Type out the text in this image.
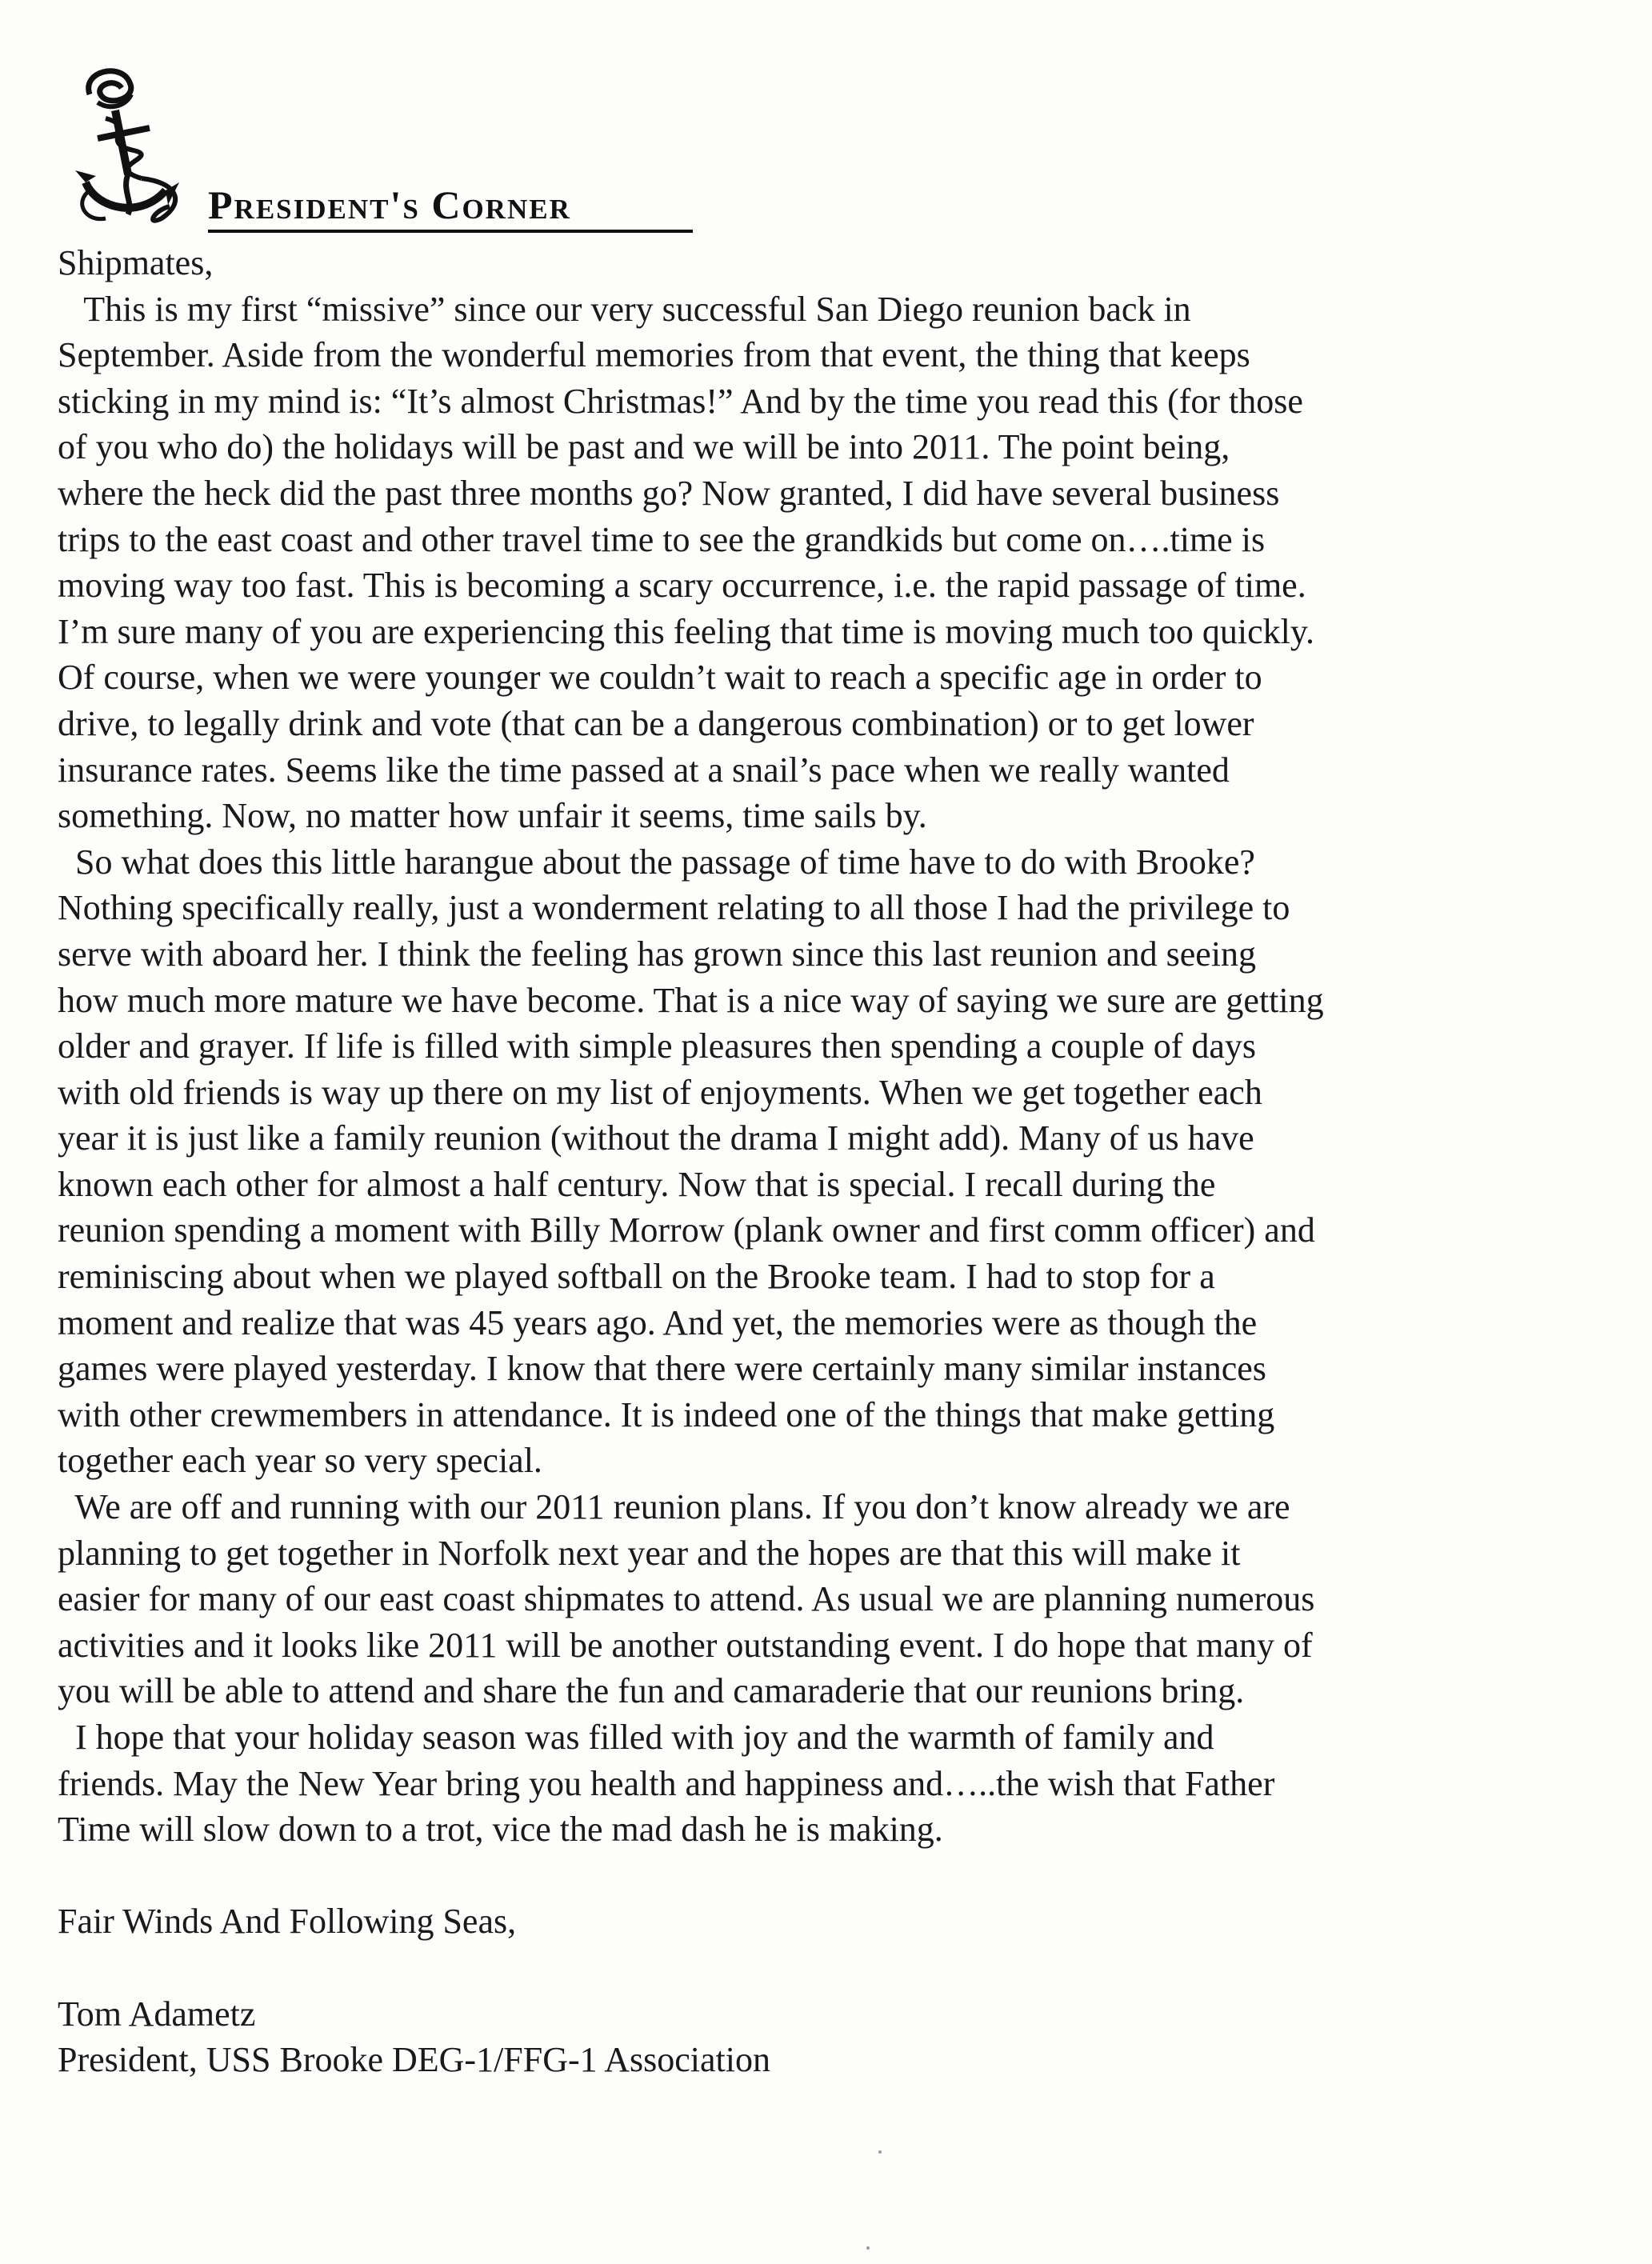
President's Corner
Shipmates,
This is my first “missive” since our very successful San Diego reunion back in
September. Aside from the wonderful memories from that event, the thing that keeps
sticking in my mind is: “It’s almost Christmas!” And by the time you read this (for those
of you who do) the holidays will be past and we will be into 2011. The point being,
where the heck did the past three months go? Now granted, I did have several business
trips to the east coast and other travel time to see the grandkids but come on….time is
moving way too fast. This is becoming a scary occurrence, i.e. the rapid passage of time.
I’m sure many of you are experiencing this feeling that time is moving much too quickly.
Of course, when we were younger we couldn’t wait to reach a specific age in order to
drive, to legally drink and vote (that can be a dangerous combination) or to get lower
insurance rates. Seems like the time passed at a snail’s pace when we really wanted
something. Now, no matter how unfair it seems, time sails by.
So what does this little harangue about the passage of time have to do with Brooke?
Nothing specifically really, just a wonderment relating to all those I had the privilege to
serve with aboard her. I think the feeling has grown since this last reunion and seeing
how much more mature we have become. That is a nice way of saying we sure are getting
older and grayer. If life is filled with simple pleasures then spending a couple of days
with old friends is way up there on my list of enjoyments. When we get together each
year it is just like a family reunion (without the drama I might add). Many of us have
known each other for almost a half century. Now that is special. I recall during the
reunion spending a moment with Billy Morrow (plank owner and first comm officer) and
reminiscing about when we played softball on the Brooke team. I had to stop for a
moment and realize that was 45 years ago. And yet, the memories were as though the
games were played yesterday. I know that there were certainly many similar instances
with other crewmembers in attendance. It is indeed one of the things that make getting
together each year so very special.
We are off and running with our 2011 reunion plans. If you don’t know already we are
planning to get together in Norfolk next year and the hopes are that this will make it
easier for many of our east coast shipmates to attend. As usual we are planning numerous
activities and it looks like 2011 will be another outstanding event. I do hope that many of
you will be able to attend and share the fun and camaraderie that our reunions bring.
I hope that your holiday season was filled with joy and the warmth of family and
friends. May the New Year bring you health and happiness and…..the wish that Father
Time will slow down to a trot, vice the mad dash he is making.
Fair Winds And Following Seas,
Tom Adametz
President, USS Brooke DEG-1/FFG-1 Association
